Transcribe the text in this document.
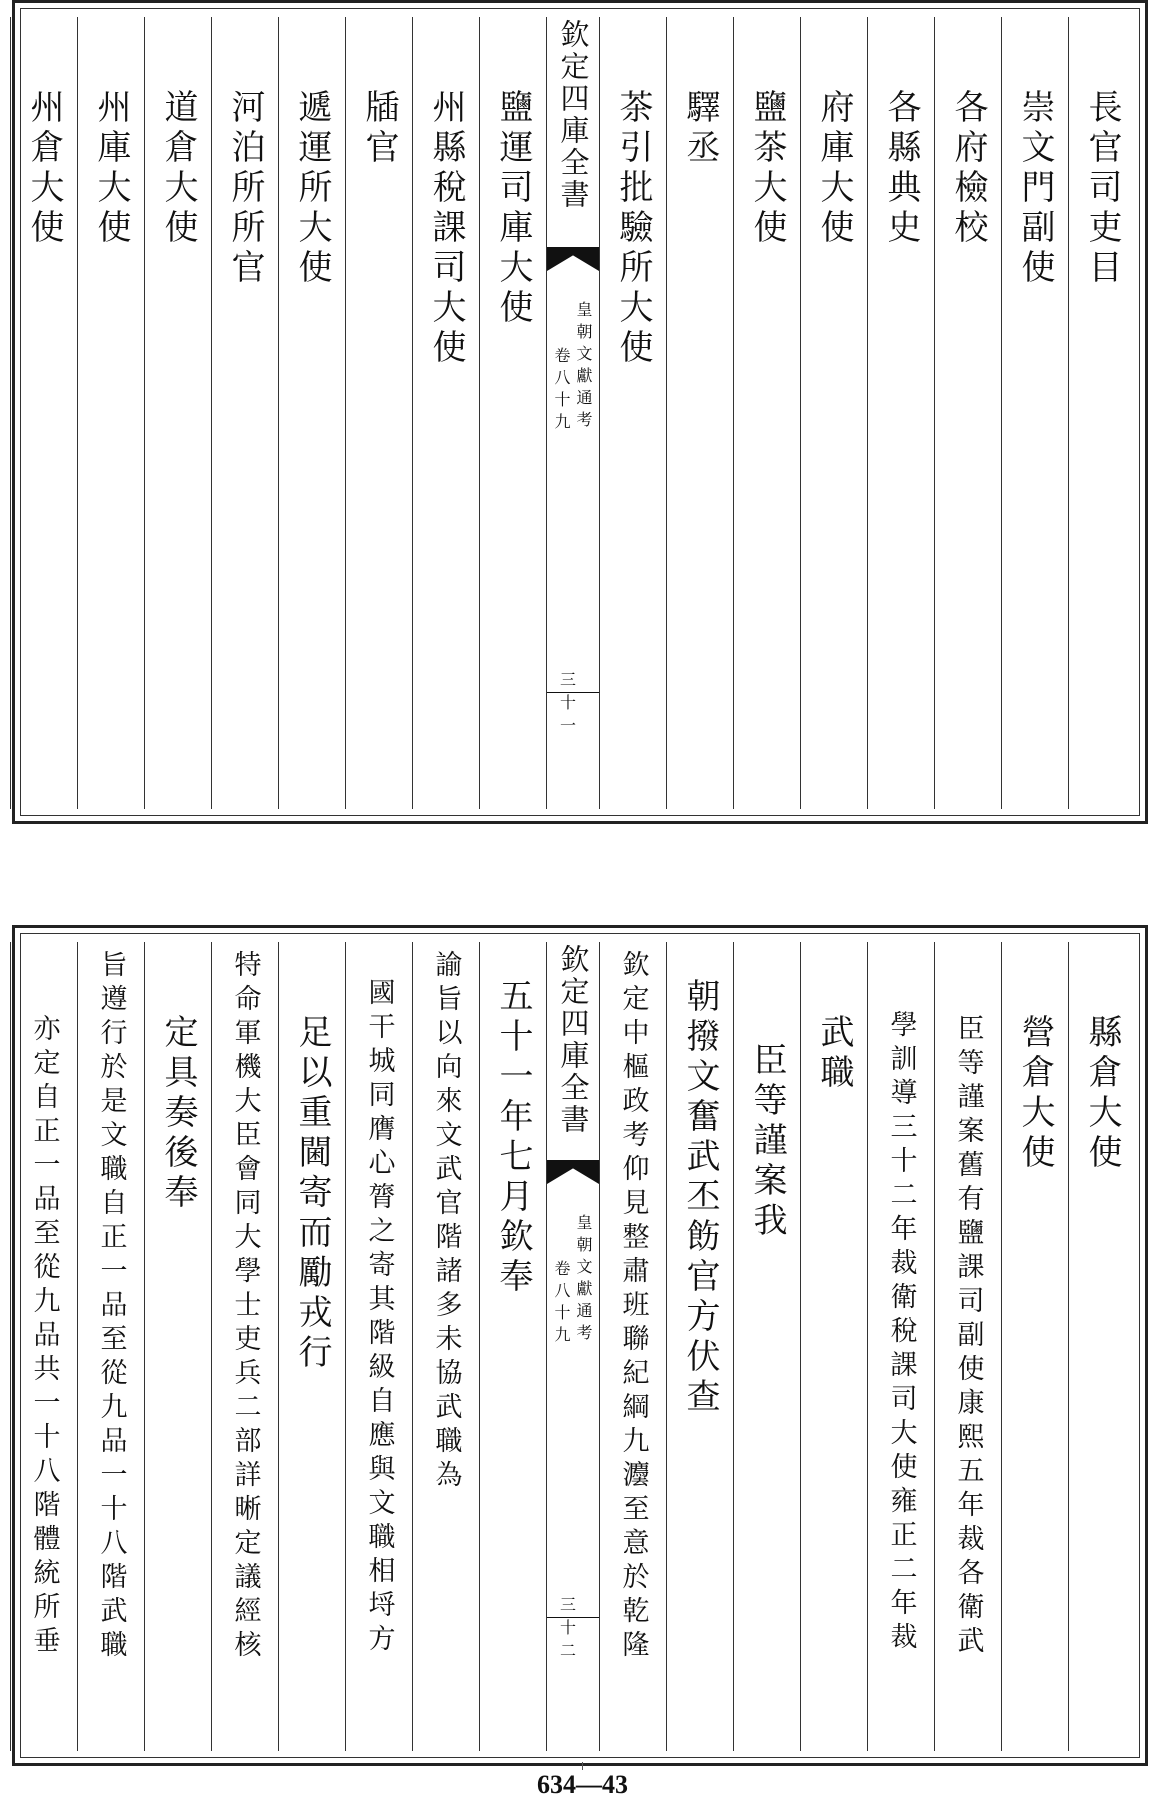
長官司吏目
崇文門副使
各府檢校
各縣典史
府庫大使
鹽茶大使
驛丞
茶引批驗所大使
欽定四庫全書
皇朝文獻通考
卷八十九
三十一
鹽運司庫大使
州縣稅課司大使
牐官
遞運所大使
河泊所所官
道倉大使
州庫大使
州倉大使
縣倉大使
營倉大使
臣等謹案舊有鹽課司副使康熙五年裁各衛武
學訓導三十二年裁衛稅課司大使雍正二年裁
武職
臣等謹案我
朝撥文奮武丕飭官方伏查
欽定中樞政考仰見整肅班聯紀綱九灋至意於乾隆
欽定四庫全書
皇朝文獻通考
卷八十九
三十二
五十一年七月欽奉
諭旨以向來文武官階諸多未協武職為
國干城同膺心膂之寄其階級自應與文職相埒方
足以重閫寄而勵戎行
特命軍機大臣會同大學士吏兵二部詳晰定議經核
定具奏後奉
旨遵行於是文職自正一品至從九品一十八階武職
亦定自正一品至從九品共一十八階體統所垂
634—43
